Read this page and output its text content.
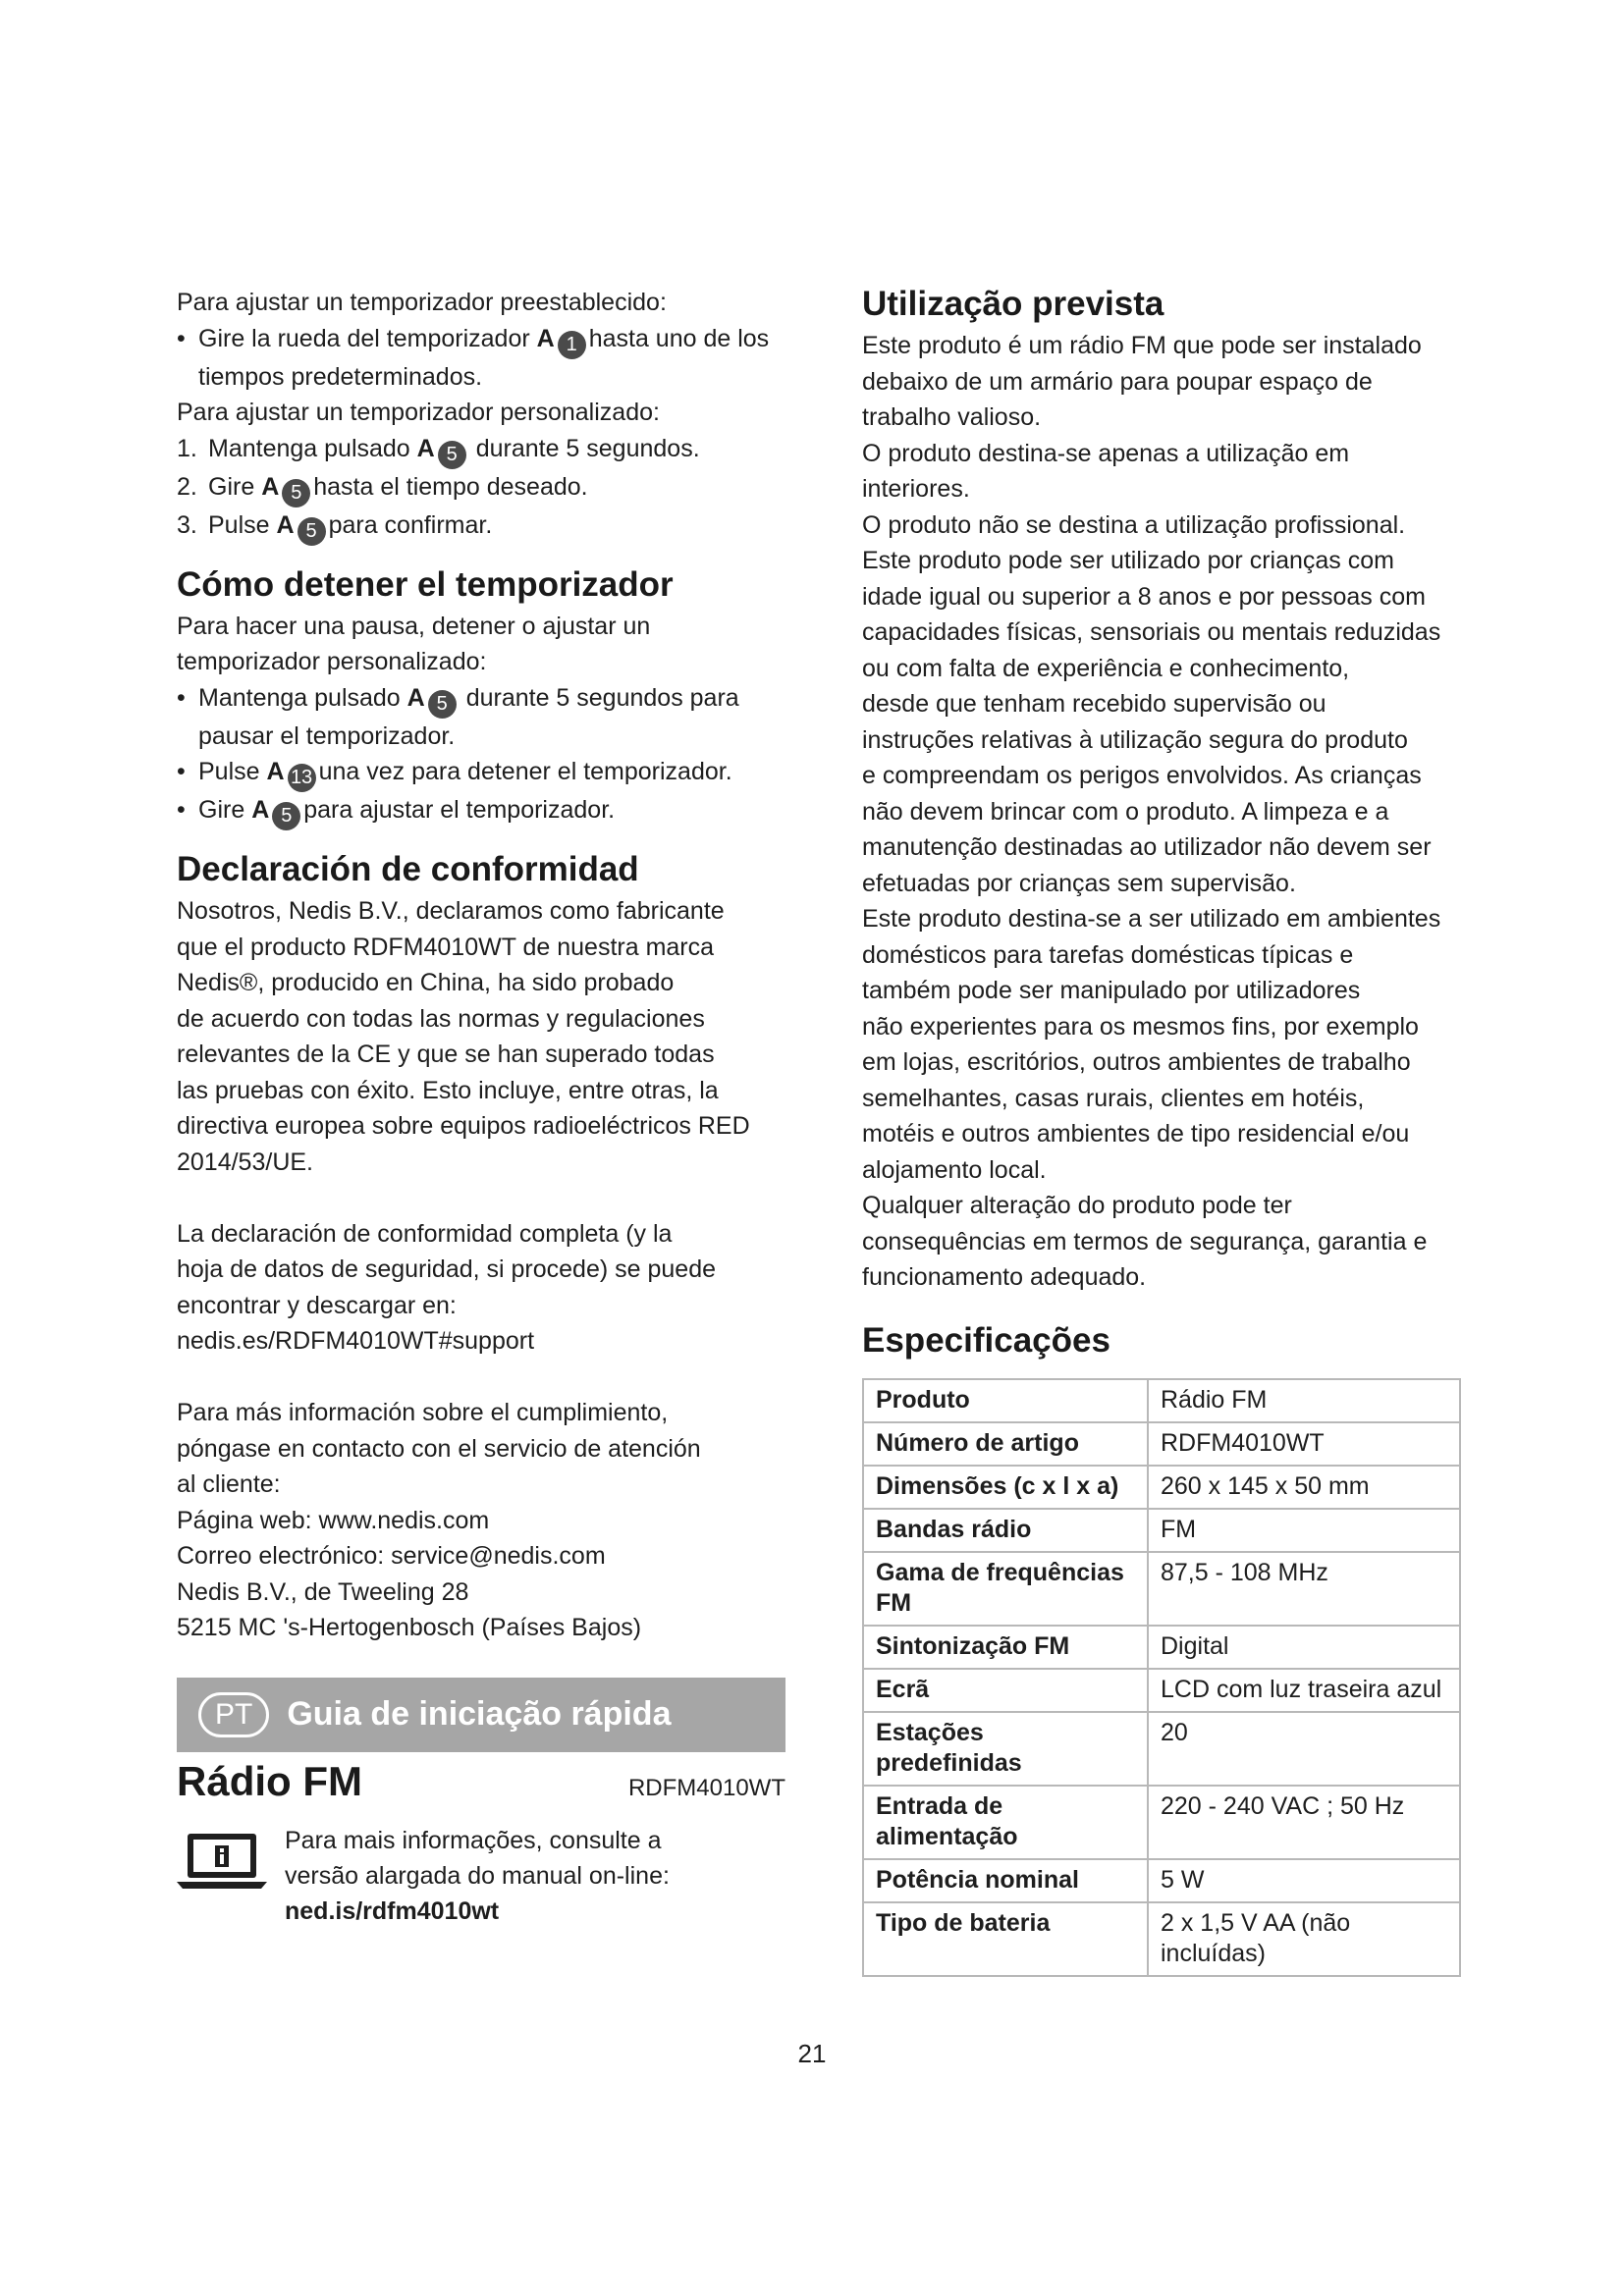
Para ajustar un temporizador preestablecido:

• Gire la rueda del temporizador A 1 hasta uno de los tiempos predeterminados.

Para ajustar un temporizador personalizado:

1. Mantenga pulsado A 5 durante 5 segundos.
2. Gire A 5 hasta el tiempo deseado.
3. Pulse A 5 para confirmar.
Cómo detener el temporizador

Para hacer una pausa, detener o ajustar un temporizador personalizado:

• Mantenga pulsado A 5 durante 5 segundos para pausar el temporizador.
• Pulse A 13 una vez para detener el temporizador.
• Gire A 5 para ajustar el temporizador.
Declaración de conformidad

Nosotros, Nedis B.V., declaramos como fabricante

que el producto RDFM4010WT de nuestra marca

Nedis®, producido en China, ha sido probado

de acuerdo con todas las normas y regulaciones

relevantes de la CE y que se han superado todas

las pruebas con éxito. Esto incluye, entre otras, la

directiva europea sobre equipos radioeléctricos RED

2014/53/UE.

La declaración de conformidad completa (y la

hoja de datos de seguridad, si procede) se puede

encontrar y descargar en:

nedis.es/RDFM4010WT#support

Para más información sobre el cumplimiento,

póngase en contacto con el servicio de atención

al cliente:

Página web: www.nedis.com

Correo electrónico: service@nedis.com

Nedis B.V., de Tweeling 28

5215 MC 's-Hertogenbosch (Países Bajos)

PT	Guia de iniciação rápida
Rádio FM	RDFM4010WT

Para mais informações, consulte a

versão alargada do manual on-line:

ned.is/rdfm4010wt

Utilização prevista

Este produto é um rádio FM que pode ser instalado

debaixo de um armário para poupar espaço de

trabalho valioso.

O produto destina-se apenas a utilização em

interiores.

O produto não se destina a utilização profissional.

Este produto pode ser utilizado por crianças com

idade igual ou superior a 8 anos e por pessoas com

capacidades físicas, sensoriais ou mentais reduzidas

ou com falta de experiência e conhecimento,

desde que tenham recebido supervisão ou

instruções relativas à utilização segura do produto

e compreendam os perigos envolvidos. As crianças

não devem brincar com o produto. A limpeza e a

manutenção destinadas ao utilizador não devem ser

efetuadas por crianças sem supervisão.

Este produto destina-se a ser utilizado em ambientes

domésticos para tarefas domésticas típicas e

também pode ser manipulado por utilizadores

não experientes para os mesmos fins, por exemplo

em lojas, escritórios, outros ambientes de trabalho

semelhantes, casas rurais, clientes em hotéis,

motéis e outros ambientes de tipo residencial e/ou

alojamento local.

Qualquer alteração do produto pode ter

consequências em termos de segurança, garantia e

funcionamento adequado.

Especificações
Produto	Rádio FM
Número de artigo	RDFM4010WT
Dimensões (c x l x a)	260 x 145 x 50 mm
Bandas rádio	FM
Gama de frequências FM	87,5 - 108 MHz
Sintonização FM	Digital
Ecrã	LCD com luz traseira azul
Estações predefinidas	20
Entrada de alimentação	220 - 240 VAC ; 50 Hz
Potência nominal	5 W
Tipo de bateria	2 x 1,5 V AA (não incluídas)
21
